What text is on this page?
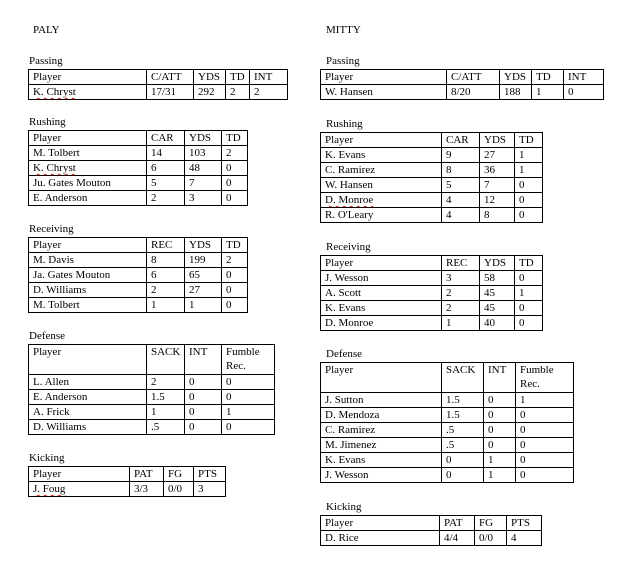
PALY
Passing
Player	C/ATT	YDS	TD	INT
K. Chryst	17/31	292	2	2
Rushing
Player	CAR	YDS	TD
M. Tolbert	14	103	2
K. Chryst	6	48	0
Ju. Gates Mouton	5	7	0
E. Anderson	2	3	0
Receiving
Player	REC	YDS	TD
M. Davis	8	199	2
Ja. Gates Mouton	6	65	0
D. Williams	2	27	0
M. Tolbert	1	1	0
Defense
Player	SACK	INT	Fumble Rec.
L. Allen	2	0	0
E. Anderson	1.5	0	0
A. Frick	1	0	1
D. Williams	.5	0	0
Kicking
Player	PAT	FG	PTS
J. Foug	3/3	0/0	3
MITTY
Passing
Player	C/ATT	YDS	TD	INT
W. Hansen	8/20	188	1	0
Rushing
Player	CAR	YDS	TD
K. Evans	9	27	1
C. Ramirez	8	36	1
W. Hansen	5	7	0
D. Monroe	4	12	0
R. O'Leary	4	8	0
Receiving
Player	REC	YDS	TD
J. Wesson	3	58	0
A. Scott	2	45	1
K. Evans	2	45	0
D. Monroe	1	40	0
Defense
Player	SACK	INT	Fumble Rec.
J. Sutton	1.5	0	1
D. Mendoza	1.5	0	0
C. Ramirez	.5	0	0
M. Jimenez	.5	0	0
K. Evans	0	1	0
J. Wesson	0	1	0
Kicking
Player	PAT	FG	PTS
D. Rice	4/4	0/0	4
